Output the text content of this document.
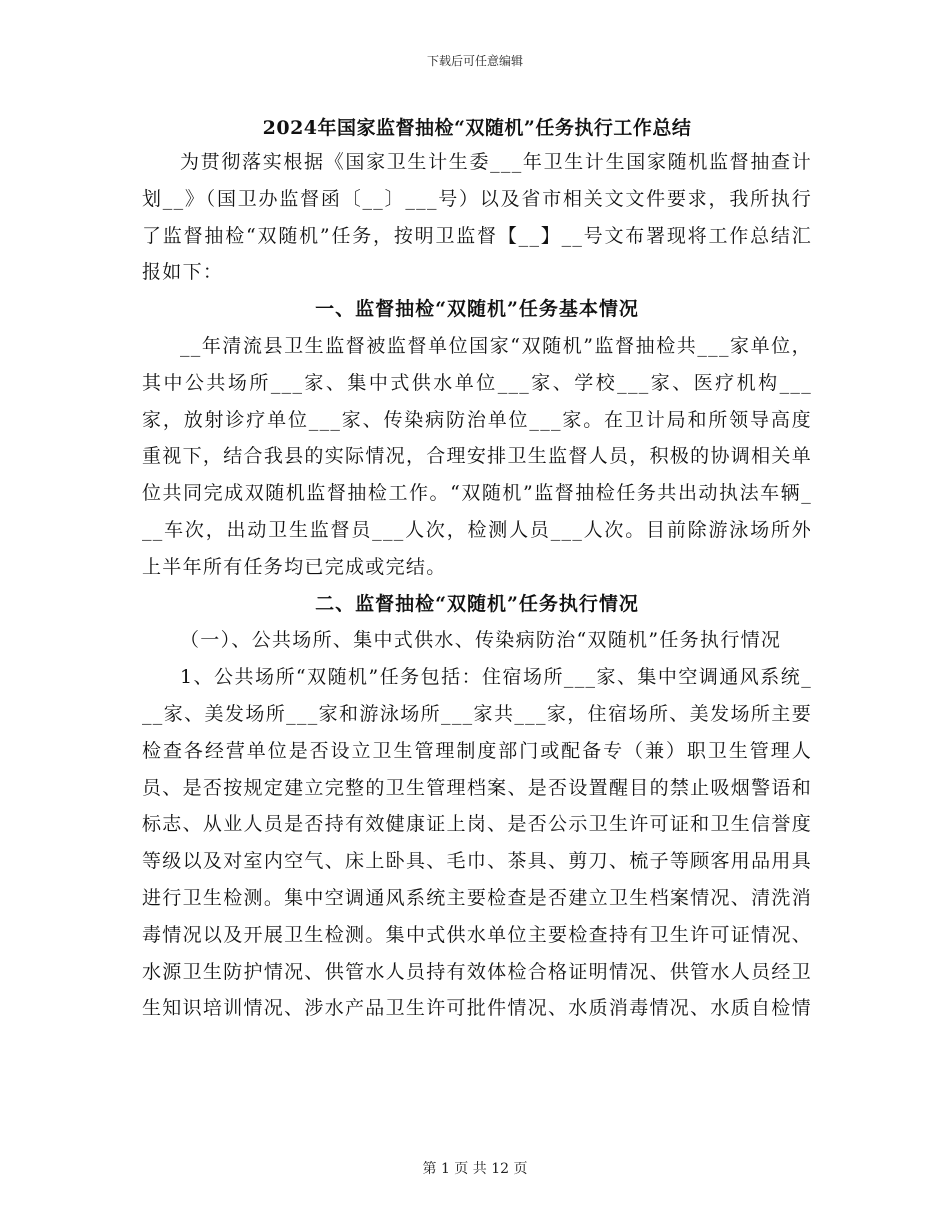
下载后可任意编辑
2024年国家监督抽检“双随机”任务执行工作总结

为贯彻落实根据《国家卫生计生委___年卫生计生国家随机监督抽查计划__》（国卫办监督函〔__〕___号）以及省市相关文文件要求，我所执行了监督抽检“双随机”任务，按明卫监督【__】__号文布署现将工作总结汇报如下：

一、监督抽检“双随机”任务基本情况

__年清流县卫生监督被监督单位国家“双随机”监督抽检共___家单位，其中公共场所___家、集中式供水单位___家、学校___家、医疗机构___家，放射诊疗单位___家、传染病防治单位___家。在卫计局和所领导高度重视下，结合我县的实际情况，合理安排卫生监督人员，积极的协调相关单位共同完成双随机监督抽检工作。“双随机”监督抽检任务共出动执法车辆___车次，出动卫生监督员___人次，检测人员___人次。目前除游泳场所外上半年所有任务均已完成或完结。

二、监督抽检“双随机”任务执行情况

（一）、公共场所、集中式供水、传染病防治“双随机”任务执行情况

1、公共场所“双随机”任务包括：住宿场所___家、集中空调通风系统___家、美发场所___家和游泳场所___家共___家，住宿场所、美发场所主要检查各经营单位是否设立卫生管理制度部门或配备专（兼）职卫生管理人员、是否按规定建立完整的卫生管理档案、是否设置醒目的禁止吸烟警语和标志、从业人员是否持有效健康证上岗、是否公示卫生许可证和卫生信誉度等级以及对室内空气、床上卧具、毛巾、茶具、剪刀、梳子等顾客用品用具进行卫生检测。集中空调通风系统主要检查是否建立卫生档案情况、清洗消毒情况以及开展卫生检测。集中式供水单位主要检查持有卫生许可证情况、水源卫生防护情况、供管水人员持有效体检合格证明情况、供管水人员经卫生知识培训情况、涉水产品卫生许可批件情况、水质消毒情况、水质自检情

第 1 页 共 12 页
